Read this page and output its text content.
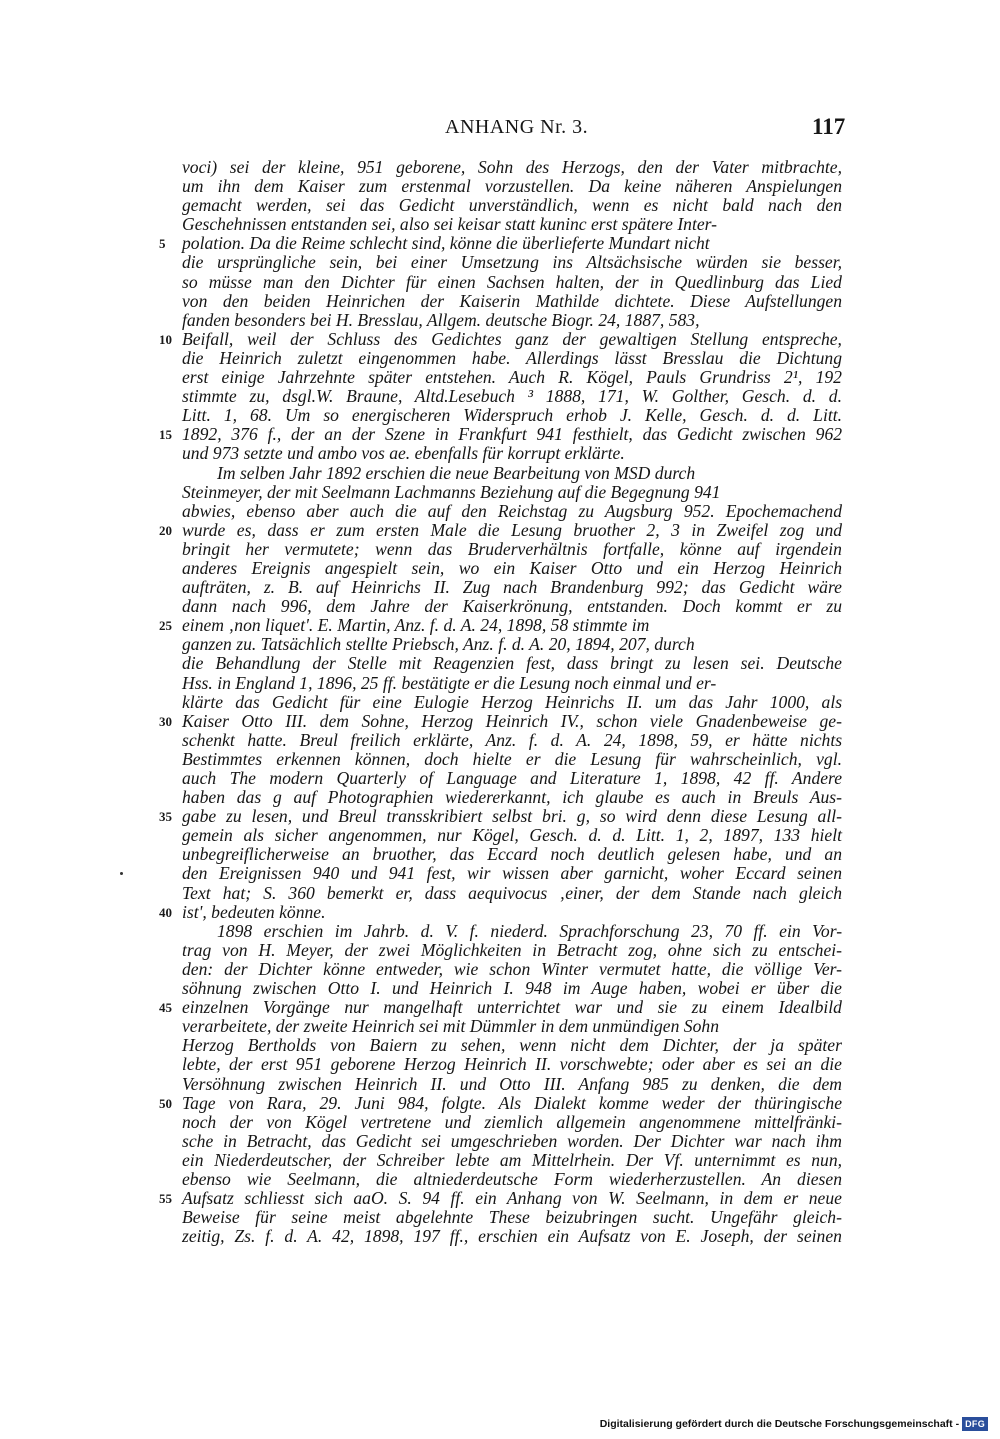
ANHANG Nr. 3.	117
voci) sei der kleine, 951 geborene, Sohn des Herzogs, den der Vater mitbrachte,
um ihn dem Kaiser zum erstenmal vorzustellen. Da keine näheren Anspielungen
gemacht werden, sei das Gedicht unverständlich, wenn es nicht bald nach den
Geschehnissen entstanden sei, also sei keisar statt kuninc erst spätere Inter-
5 polation. Da die Reime schlecht sind, könne die überlieferte Mundart nicht
die ursprüngliche sein, bei einer Umsetzung ins Altsächsische würden sie besser,
so müsse man den Dichter für einen Sachsen halten, der in Quedlinburg das Lied
von den beiden Heinrichen der Kaiserin Mathilde dichtete. Diese Aufstellungen
fanden besonders bei H. Bresslau, Allgem. deutsche Biogr. 24, 1887, 583,
10 Beifall, weil der Schluss des Gedichtes ganz der gewaltigen Stellung entspreche,
die Heinrich zuletzt eingenommen habe. Allerdings lässt Bresslau die Dichtung
erst einige Jahrzehnte später entstehen. Auch R. Kögel, Pauls Grundriss 2¹, 192
stimmte zu, dsgl.W. Braune, Altd.Lesebuch ³ 1888, 171, W. Golther, Gesch. d. d.
Litt. 1, 68. Um so energischeren Widerspruch erhob J. Kelle, Gesch. d. d. Litt.
15 1892, 376 f., der an der Szene in Frankfurt 941 festhielt, das Gedicht zwischen 962
und 973 setzte und ambo vos ae. ebenfalls für korrupt erklärte.
Im selben Jahr 1892 erschien die neue Bearbeitung von MSD durch
Steinmeyer, der mit Seelmann Lachmanns Beziehung auf die Begegnung 941
abwies, ebenso aber auch die auf den Reichstag zu Augsburg 952. Epochemachend
20 wurde es, dass er zum ersten Male die Lesung bruother 2, 3 in Zweifel zog und
bringit her vermutete; wenn das Bruderverhältnis fortfalle, könne auf irgendein
anderes Ereignis angespielt sein, wo ein Kaiser Otto und ein Herzog Heinrich
aufträten, z. B. auf Heinrichs II. Zug nach Brandenburg 992; das Gedicht wäre
dann nach 996, dem Jahre der Kaiserkrönung, entstanden. Doch kommt er zu
25 einem ‚non liquet'. E. Martin, Anz. f. d. A. 24, 1898, 58 stimmte im
ganzen zu. Tatsächlich stellte Priebsch, Anz. f. d. A. 20, 1894, 207, durch
die Behandlung der Stelle mit Reagenzien fest, dass bringt zu lesen sei. Deutsche
Hss. in England 1, 1896, 25 ff. bestätigte er die Lesung noch einmal und er-
klärte das Gedicht für eine Eulogie Herzog Heinrichs II. um das Jahr 1000, als
30 Kaiser Otto III. dem Sohne, Herzog Heinrich IV., schon viele Gnadenbeweise ge-
schenkt hatte. Breul freilich erklärte, Anz. f. d. A. 24, 1898, 59, er hätte nichts
Bestimmtes erkennen können, doch hielte er die Lesung für wahrscheinlich, vgl.
auch The modern Quarterly of Language and Literature 1, 1898, 42 ff. Andere
haben das g auf Photographien wiedererkannt, ich glaube es auch in Breuls Aus-
35 gabe zu lesen, und Breul transskribiert selbst bri. g, so wird denn diese Lesung all-
gemein als sicher angenommen, nur Kögel, Gesch. d. d. Litt. 1, 2, 1897, 133 hielt
unbegreiflicherweise an bruother, das Eccard noch deutlich gelesen habe, und an
den Ereignissen 940 und 941 fest, wir wissen aber garnicht, woher Eccard seinen
Text hat; S. 360 bemerkt er, dass aequivocus ‚einer, der dem Stande nach gleich
40 ist', bedeuten könne.
1898 erschien im Jahrb. d. V. f. niederd. Sprachforschung 23, 70 ff. ein Vor-
trag von H. Meyer, der zwei Möglichkeiten in Betracht zog, ohne sich zu entschei-
den: der Dichter könne entweder, wie schon Winter vermutet hatte, die völlige Ver-
söhnung zwischen Otto I. und Heinrich I. 948 im Auge haben, wobei er über die
45 einzelnen Vorgänge nur mangelhaft unterrichtet war und sie zu einem Idealbild
verarbeitete, der zweite Heinrich sei mit Dümmler in dem unmündigen Sohn
Herzog Bertholds von Baiern zu sehen, wenn nicht dem Dichter, der ja später
lebte, der erst 951 geborene Herzog Heinrich II. vorschwebte; oder aber es sei an die
Versöhnung zwischen Heinrich II. und Otto III. Anfang 985 zu denken, die dem
50 Tage von Rara, 29. Juni 984, folgte. Als Dialekt komme weder der thüringische
noch der von Kögel vertretene und ziemlich allgemein angenommene mittelfränki-
sche in Betracht, das Gedicht sei umgeschrieben worden. Der Dichter war nach ihm
ein Niederdeutscher, der Schreiber lebte am Mittelrhein. Der Vf. unternimmt es nun,
ebenso wie Seelmann, die altniederdeutsche Form wiederherzustellen. An diesen
55 Aufsatz schliesst sich aaO. S. 94 ff. ein Anhang von W. Seelmann, in dem er neue
Beweise für seine meist abgelehnte These beizubringen sucht. Ungefähr gleich-
zeitig, Zs. f. d. A. 42, 1898, 197 ff., erschien ein Aufsatz von E. Joseph, der seinen
Digitalisierung gefördert durch die Deutsche Forschungsgemeinschaft - DFG
